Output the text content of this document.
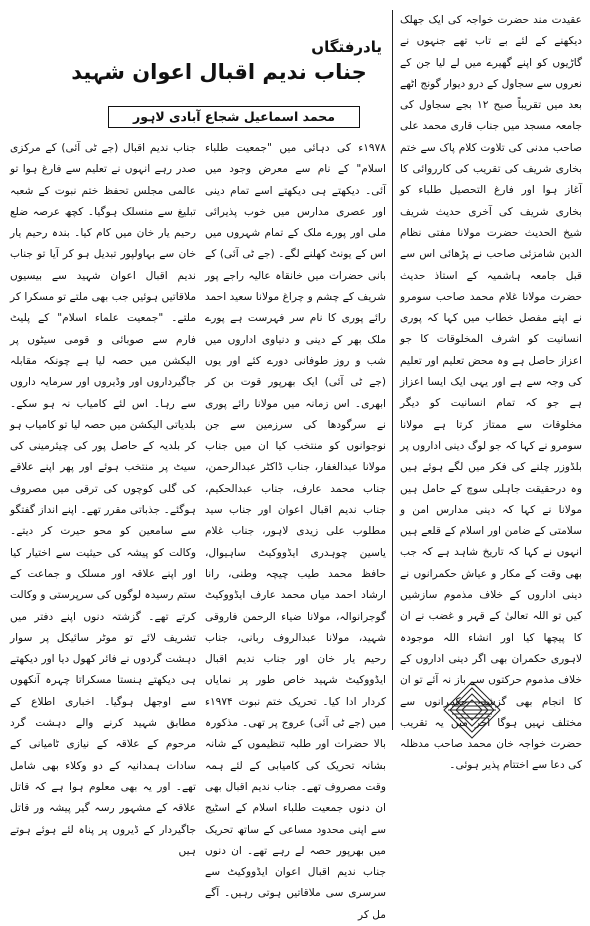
عقیدت مند حضرت خواجہ کی ایک جھلک دیکھنے کے لئے بے تاب تھے جنہوں نے گاڑیوں کو اپنے گھیرے میں لے لیا جن کے نعروں سے سجاول کے درو دیوار گونج اٹھے بعد میں تقریباً صبح ۱۲ بجے سجاول کی جامعہ مسجد میں جناب قاری محمد علی صاحب مدنی کی تلاوت کلام پاک سے ختم بخاری شریف کی تقریب کی کارروائی کا آغاز ہوا اور فارغ التحصیل طلباء کو بخاری شریف کی آخری حدیث شریف شیخ الحدیث حضرت مولانا مفتی نظام الدین شامزئی صاحب نے پڑھائی اس سے قبل جامعہ ہاشمیہ کے استاذ حدیث حضرت مولانا غلام محمد صاحب سومرو نے اپنے مفصل خطاب میں کہا کہ پوری انسانیت کو اشرف المخلوقات کا جو اعزاز حاصل ہے وہ محض تعلیم اور تعلیم کی وجہ سے ہے اور یہی ایک ایسا اعزاز ہے جو کہ تمام انسانیت کو دیگر مخلوقات سے ممتاز کرتا ہے مولانا سومرو نے کہا کہ جو لوگ دینی اداروں پر بلڈوزر چلنے کی فکر میں لگے ہوئے ہیں وہ درحقیقت جاہلی سوچ کے حامل ہیں مولانا نے کہا کہ دینی مدارس امن و سلامتی کے ضامن اور اسلام کے قلعے ہیں انہوں نے کہا کہ تاریخ شاہد ہے کہ جب بھی وقت کے مکار و عیاش حکمرانوں نے دینی اداروں کے خلاف مذموم سازشیں کیں تو اللہ تعالیٰ کے قہر و غضب نے ان کا پیچھا کیا اور انشاء اللہ موجودہ لاہوری حکمران بھی اگر دینی اداروں کے خلاف مذموم حرکتوں سے باز نہ آئے تو ان کا انجام بھی گزشتہ حکمرانوں سے مختلف نہیں ہوگا آخر میں یہ تقریب حضرت خواجہ خان محمد صاحب مدظلہ کی دعا سے اختتام پذیر ہوئی۔

یادرفتگاں
جناب ندیم اقبال اعوان شہید
محمد اسماعیل شجاع آبادی لاہور

۱۹۷۸ء کی دہائی میں "جمعیت طلباء اسلام" کے نام سے معرض وجود میں آئی۔ دیکھتے ہی دیکھتے اسے تمام دینی اور عصری مدارس میں خوب پذیرائی ملی اور پورے ملک کے تمام شہروں میں اس کے یونٹ کھلنے لگے۔ (جے ٹی آئی) کے بانی حضرات میں خانقاہ عالیہ راجے پور شریف کے چشم و چراغ مولانا سعید احمد رائے پوری کا نام سر فہرست ہے پورے ملک بھر کے دینی و دنیاوی اداروں میں شب و روز طوفانی دورے کئے اور یوں (جے ٹی آئی) ایک بھرپور قوت بن کر ابھری۔ اس زمانہ میں مولانا رائے پوری نے سرگودھا کی سرزمین سے جن نوجوانوں کو منتخب کیا ان میں جناب مولانا عبدالغفار، جناب ڈاکٹر عبدالرحمن، جناب محمد عارف، جناب عبدالحکیم، جناب ندیم اقبال اعوان اور جناب سید مطلوب علی زیدی لاہور، جناب غلام یاسین چوہدری ایڈووکیٹ ساہیوال، حافظ محمد طیب چیچہ وطنی، رانا ارشاد احمد میاں محمد عارف ایڈووکیٹ گوجرانوالہ، مولانا ضیاء الرحمن فاروقی شہید، مولانا عبدالروف ربانی، جناب رحیم یار خان اور جناب ندیم اقبال ایڈووکیٹ شہید خاص طور پر نمایاں کردار ادا کیا۔ تحریک ختم نبوت ۱۹۷۴ء میں (جے ٹی آئی) عروج پر تھی۔ مذکورہ بالا حضرات اور طلبہ تنظیموں کے شانہ بشانہ تحریک کی کامیابی کے لئے ہمہ وقت مصروف تھے۔ جناب ندیم اقبال بھی ان دنوں جمعیت طلباء اسلام کے اسٹیج سے اپنی محدود مساعی کے ساتھ تحریک میں بھرپور حصہ لے رہے تھے۔ ان دنوں جناب ندیم اقبال اعوان ایڈووکیٹ سے سرسری سی ملاقاتیں ہوتی رہیں۔ آگے مل کر

جناب ندیم اقبال (جے ٹی آئی) کے مرکزی صدر رہے انہوں نے تعلیم سے فارغ ہوا تو عالمی مجلس تحفظ ختم نبوت کے شعبہ تبلیغ سے منسلک ہوگیا۔ کچھ عرصہ ضلع رحیم یار خان میں کام کیا۔ بندہ رحیم یار خان سے بہاولپور تبدیل ہو کر آیا تو جناب ندیم اقبال اعوان شہید سے بیسیوں ملاقاتیں ہوئیں جب بھی ملتے تو مسکرا کر ملتے۔ "جمعیت علماء اسلام" کے پلیٹ فارم سے صوبائی و قومی سیٹوں پر الیکشن میں حصہ لیا ہے چونکہ مقابلہ جاگیرداروں اور وڈیروں اور سرمایہ داروں سے رہا۔ اس لئے کامیاب نہ ہو سکے۔ بلدیاتی الیکشن میں حصہ لیا تو کامیاب ہو کر بلدیہ کے حاصل پور کی چیئرمینی کی سیٹ پر منتخب ہوئے اور پھر اپنے علاقے کی گلی کوچوں کی ترقی میں مصروف ہوگئے۔ جذباتی مقرر تھے۔ اپنے انداز گفتگو سے سامعین کو محو حیرت کر دیتے۔ وکالت کو پیشہ کی حیثیت سے اختیار کیا اور اپنے علاقہ اور مسلک و جماعت کے ستم رسیدہ لوگوں کی سرپرستی و وکالت کرتے تھے۔ گزشتہ دنوں اپنے دفتر میں تشریف لائے تو موٹر سائیکل پر سوار دہشت گردوں نے فائر کھول دیا اور دیکھتے ہی دیکھتے ہنستا مسکراتا چہرہ آنکھوں سے اوجھل ہوگیا۔ اخباری اطلاع کے مطابق شہید کرنے والے دہشت گرد مرحوم کے علاقہ کے نیازی ٹامیانی کے سادات ہمدانیہ کے دو وکلاء بھی شامل تھے۔ اور یہ بھی معلوم ہوا ہے کہ قاتل علاقہ کے مشہور رسہ گیر پیشہ ور قاتل جاگیردار کے ڈیروں پر پناہ لئے ہوئے ہوتے ہیں
